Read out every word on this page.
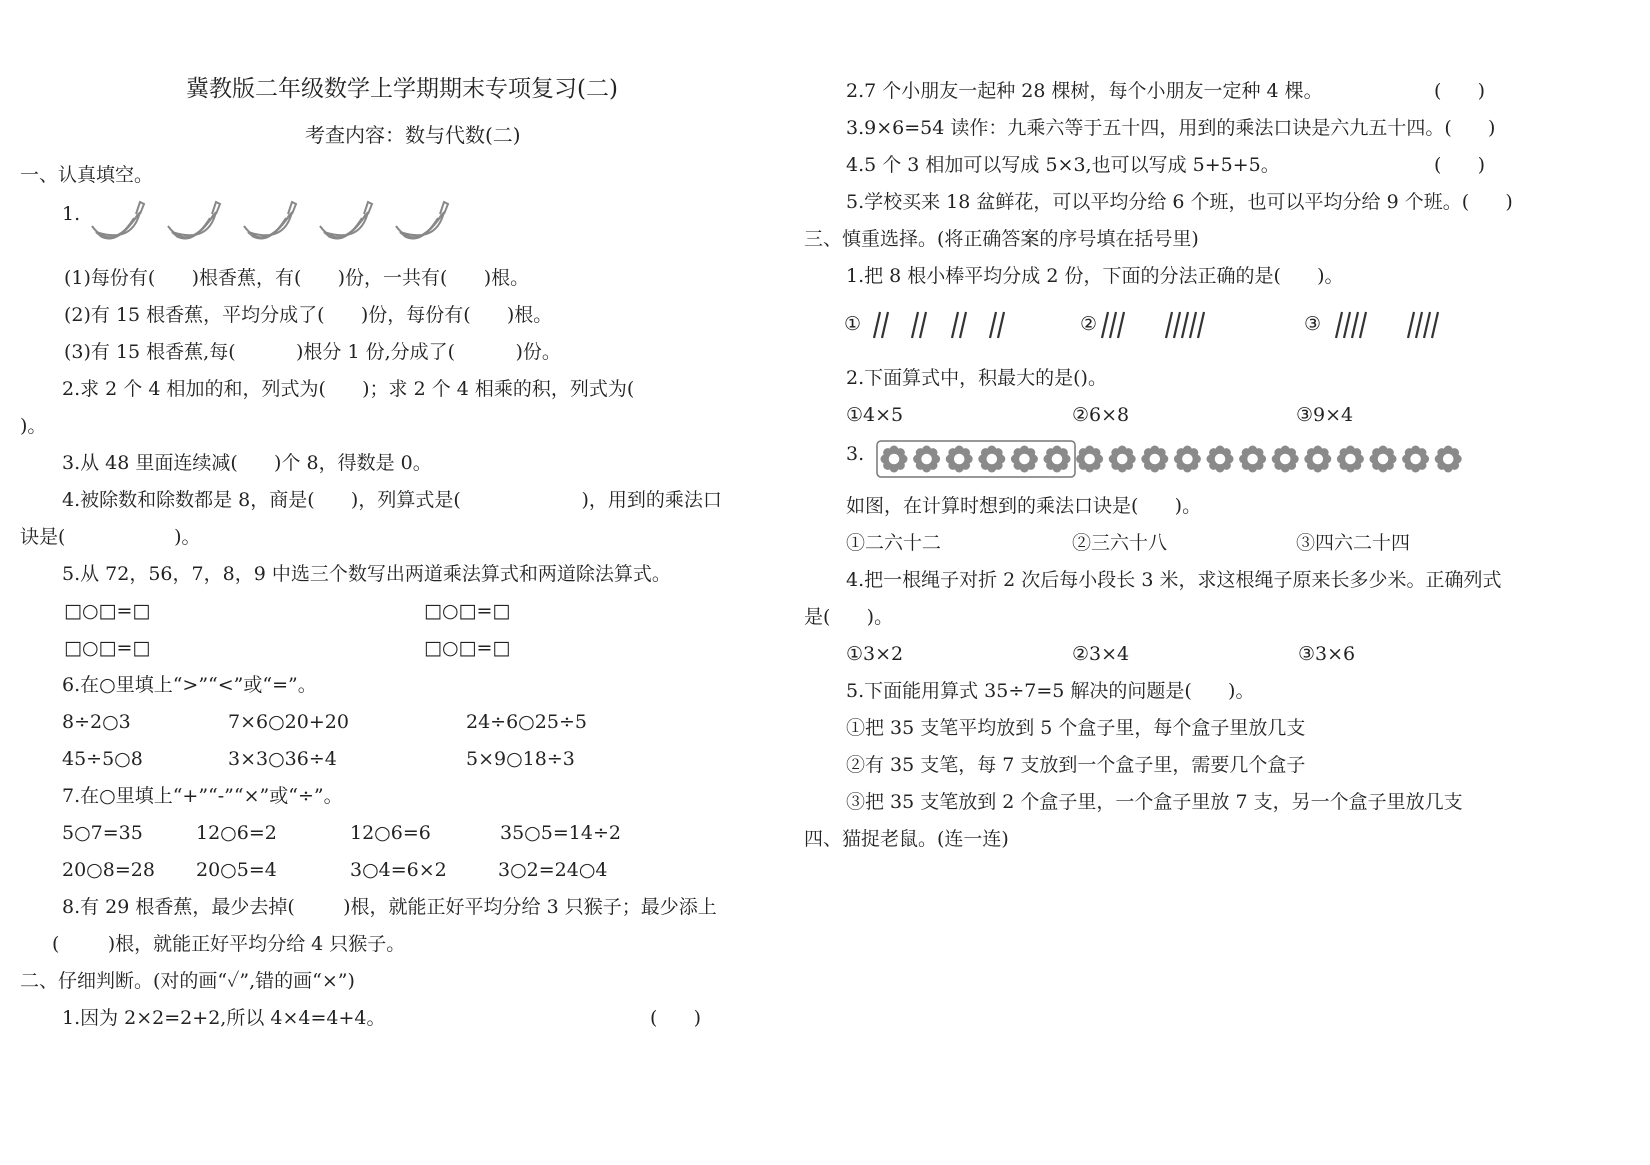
冀教版二年级数学上学期期末专项复习(二)
考查内容：数与代数(二)
一、认真填空。
1.
(1)每份有(      )根香蕉，有(      )份，一共有(      )根。
(2)有 15 根香蕉，平均分成了(      )份，每份有(      )根。
(3)有 15 根香蕉,每(          )根分 1 份,分成了(          )份。
2.求 2 个 4 相加的和，列式为(      )；求 2 个 4 相乘的积，列式为(
)。
3.从 48 里面连续减(      )个 8，得数是 0。
4.被除数和除数都是 8，商是(      )，列算式是(                    )，用到的乘法口
诀是(                  )。
5.从 72，56，7，8，9 中选三个数写出两道乘法算式和两道除法算式。
□○□=□	□○□=□
□○□=□	□○□=□
6.在○里填上“>”“<”或“=”。
8÷2○3	7×6○20+20	24÷6○25÷5
45÷5○8	3×3○36÷4	5×9○18÷3
7.在○里填上“+”“-”“×”或“÷”。
5○7=35	12○6=2	12○6=6	35○5=14÷2
20○8=28 20○5=4	3○4=6×2	3○2=24○4
8.有 29 根香蕉，最少去掉(        )根，就能正好平均分给 3 只猴子；最少添上
(        )根，就能正好平均分给 4 只猴子。
二、仔细判断。(对的画“✓”,错的画“×”)
1.因为 2×2=2+2,所以 4×4=4+4。	(      )
2.7 个小朋友一起种 28 棵树，每个小朋友一定种 4 棵。	(      )
3.9×6=54 读作：九乘六等于五十四，用到的乘法口诀是六九五十四。(      )
4.5 个 3 相加可以写成 5×3,也可以写成 5+5+5。	(      )
5.学校买来 18 盆鲜花，可以平均分给 6 个班，也可以平均分给 9 个班。(      )
三、慎重选择。(将正确答案的序号填在括号里)
1.把 8 根小棒平均分成 2 份，下面的分法正确的是(      )。
①	②	③
2.下面算式中，积最大的是()。
①4×5	②6×8	③9×4
3.
如图，在计算时想到的乘法口诀是(      )。
①二六十二	②三六十八	③四六二十四
4.把一根绳子对折 2 次后每小段长 3 米，求这根绳子原来长多少米。正确列式
是(      )。
①3×2	②3×4	③3×6
5.下面能用算式 35÷7=5 解决的问题是(      )。
①把 35 支笔平均放到 5 个盒子里，每个盒子里放几支
②有 35 支笔，每 7 支放到一个盒子里，需要几个盒子
③把 35 支笔放到 2 个盒子里，一个盒子里放 7 支，另一个盒子里放几支
四、猫捉老鼠。(连一连)
